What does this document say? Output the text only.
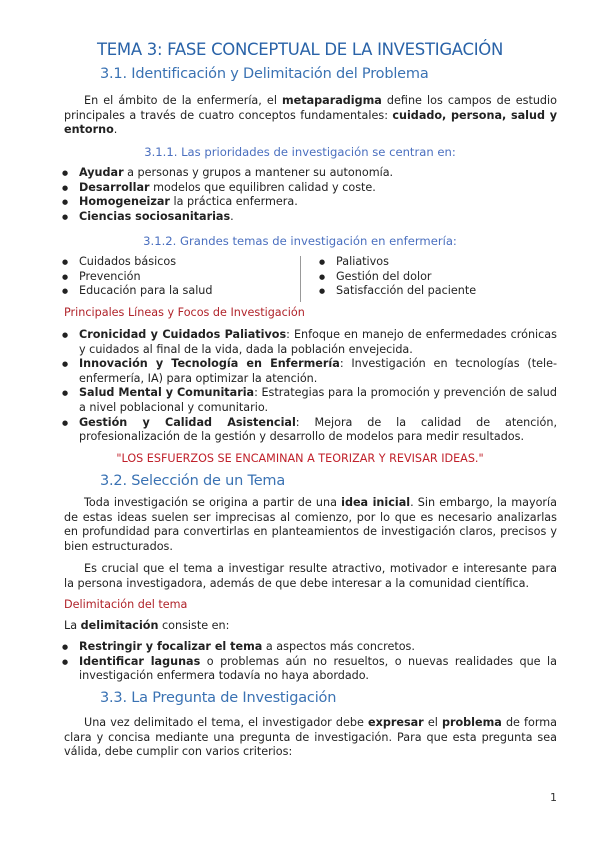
TEMA 3: FASE CONCEPTUAL DE LA INVESTIGACIÓN
3.1. Identificación y Delimitación del Problema
En el ámbito de la enfermería, el metaparadigma define los campos de estudio principales a través de cuatro conceptos fundamentales: cuidado, persona, salud y entorno.
3.1.1. Las prioridades de investigación se centran en:
● Ayudar a personas y grupos a mantener su autonomía.
● Desarrollar modelos que equilibren calidad y coste.
● Homogeneizar la práctica enfermera.
● Ciencias sociosanitarias.
3.1.2. Grandes temas de investigación en enfermería:
● Cuidados básicos
● Prevención
● Educación para la salud
● Paliativos
● Gestión del dolor
● Satisfacción del paciente
Principales Líneas y Focos de Investigación
● Cronicidad y Cuidados Paliativos: Enfoque en manejo de enfermedades crónicas y cuidados al final de la vida, dada la población envejecida.
● Innovación y Tecnología en Enfermería: Investigación en tecnologías (tele-enfermería, IA) para optimizar la atención.
● Salud Mental y Comunitaria: Estrategias para la promoción y prevención de salud a nivel poblacional y comunitario.
● Gestión y Calidad Asistencial: Mejora de la calidad de atención, profesionalización de la gestión y desarrollo de modelos para medir resultados.
"LOS ESFUERZOS SE ENCAMINAN A TEORIZAR Y REVISAR IDEAS."
3.2. Selección de un Tema
Toda investigación se origina a partir de una idea inicial. Sin embargo, la mayoría de estas ideas suelen ser imprecisas al comienzo, por lo que es necesario analizarlas en profundidad para convertirlas en planteamientos de investigación claros, precisos y bien estructurados.
Es crucial que el tema a investigar resulte atractivo, motivador e interesante para la persona investigadora, además de que debe interesar a la comunidad científica.
Delimitación del tema
La delimitación consiste en:
● Restringir y focalizar el tema a aspectos más concretos.
● Identificar lagunas o problemas aún no resueltos, o nuevas realidades que la investigación enfermera todavía no haya abordado.
3.3. La Pregunta de Investigación
Una vez delimitado el tema, el investigador debe expresar el problema de forma clara y concisa mediante una pregunta de investigación. Para que esta pregunta sea válida, debe cumplir con varios criterios:
1
